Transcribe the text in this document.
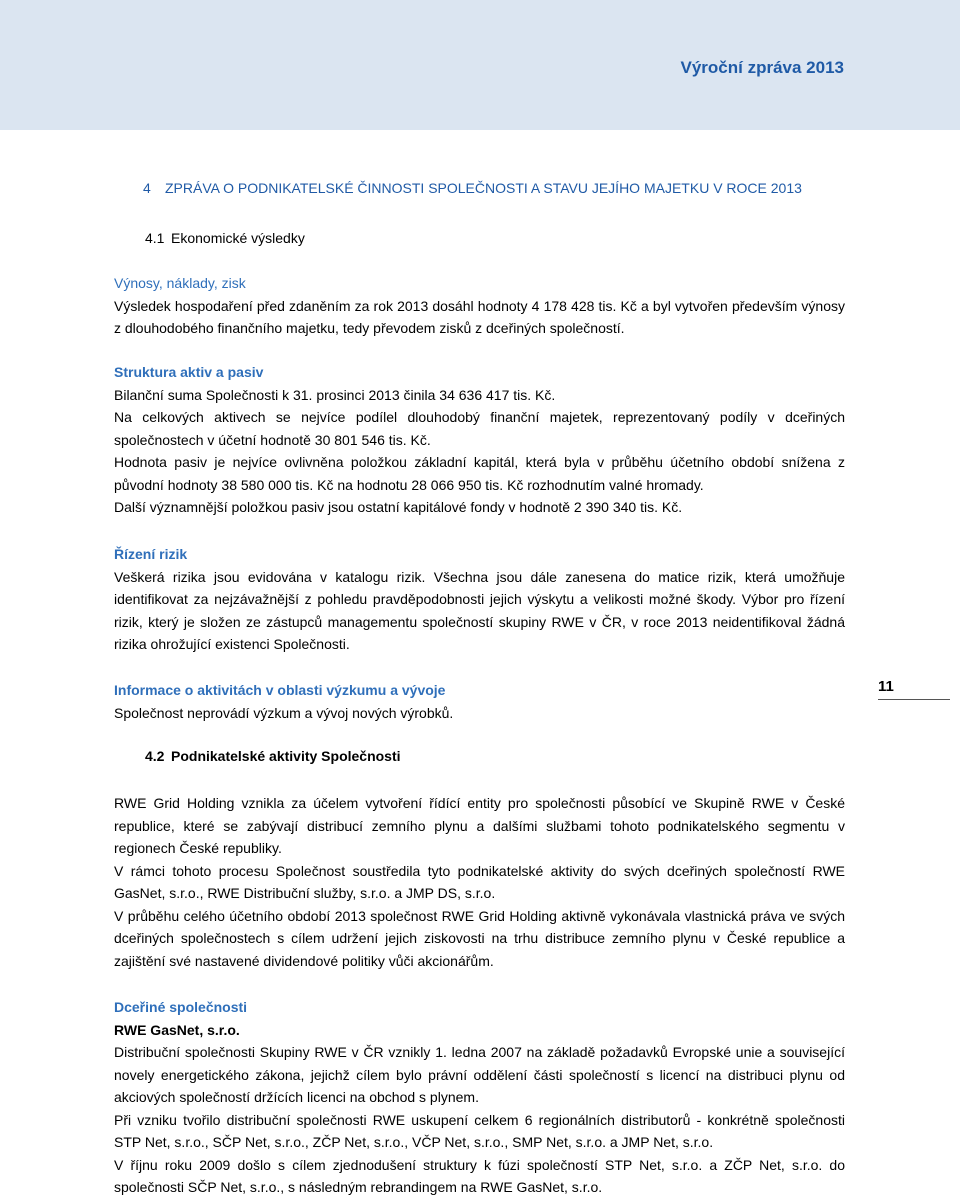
Výroční zpráva 2013
4 ZPRÁVA O PODNIKATELSKÉ ČINNOSTI SPOLEČNOSTI A STAVU JEJÍHO MAJETKU V ROCE 2013
4.1 Ekonomické výsledky

Výnosy, náklady, zisk

Výsledek hospodaření před zdaněním za rok 2013 dosáhl hodnoty 4 178 428 tis. Kč a byl vytvořen především výnosy z dlouhodobého finančního majetku, tedy převodem zisků z dceřiných společností.

Struktura aktiv a pasiv

Bilanční suma Společnosti k 31. prosinci 2013 činila 34 636 417 tis. Kč.

Na celkových aktivech se nejvíce podílel dlouhodobý finanční majetek, reprezentovaný podíly v dceřiných společnostech v účetní hodnotě 30 801 546 tis. Kč.

Hodnota pasiv je nejvíce ovlivněna položkou základní kapitál, která byla v průběhu účetního období snížena z původní hodnoty 38 580 000 tis. Kč na hodnotu 28 066 950 tis. Kč rozhodnutím valné hromady.

Další významnější položkou pasiv jsou ostatní kapitálové fondy v hodnotě 2 390 340 tis. Kč.

Řízení rizik

Veškerá rizika jsou evidována v katalogu rizik. Všechna jsou dále zanesena do matice rizik, která umožňuje identifikovat za nejzávažnější z pohledu pravděpodobnosti jejich výskytu a velikosti možné škody. Výbor pro řízení rizik, který je složen ze zástupců managementu společností skupiny RWE v ČR, v roce 2013 neidentifikoval žádná rizika ohrožující existenci Společnosti.

Informace o aktivitách v oblasti výzkumu a vývoje

Společnost neprovádí výzkum a vývoj nových výrobků.

11
4.2 Podnikatelské aktivity Společnosti

RWE Grid Holding vznikla za účelem vytvoření řídící entity pro společnosti působící ve Skupině RWE v České republice, které se zabývají distribucí zemního plynu a dalšími službami tohoto podnikatelského segmentu v regionech České republiky.

V rámci tohoto procesu Společnost soustředila tyto podnikatelské aktivity do svých dceřiných společností RWE GasNet, s.r.o., RWE Distribuční služby, s.r.o. a JMP DS, s.r.o.

V průběhu celého účetního období 2013 společnost RWE Grid Holding aktivně vykonávala vlastnická práva ve svých dceřiných společnostech s cílem udržení jejich ziskovosti na trhu distribuce zemního plynu v České republice a zajištění své nastavené dividendové politiky vůči akcionářům.

Dceřiné společnosti

RWE GasNet, s.r.o.

Distribuční společnosti Skupiny RWE v ČR vznikly 1. ledna 2007 na základě požadavků Evropské unie a související novely energetického zákona, jejichž cílem bylo právní oddělení části společností s licencí na distribuci plynu od akciových společností držících licenci na obchod s plynem.

Při vzniku tvořilo distribuční společnosti RWE uskupení celkem 6 regionálních distributorů - konkrétně společnosti STP Net, s.r.o., SČP Net, s.r.o., ZČP Net, s.r.o., VČP Net, s.r.o., SMP Net, s.r.o. a JMP Net, s.r.o.

V říjnu roku 2009 došlo s cílem zjednodušení struktury k fúzi společností STP Net, s.r.o. a ZČP Net, s.r.o. do společnosti SČP Net, s.r.o., s následným rebrandingem na RWE GasNet, s.r.o.
